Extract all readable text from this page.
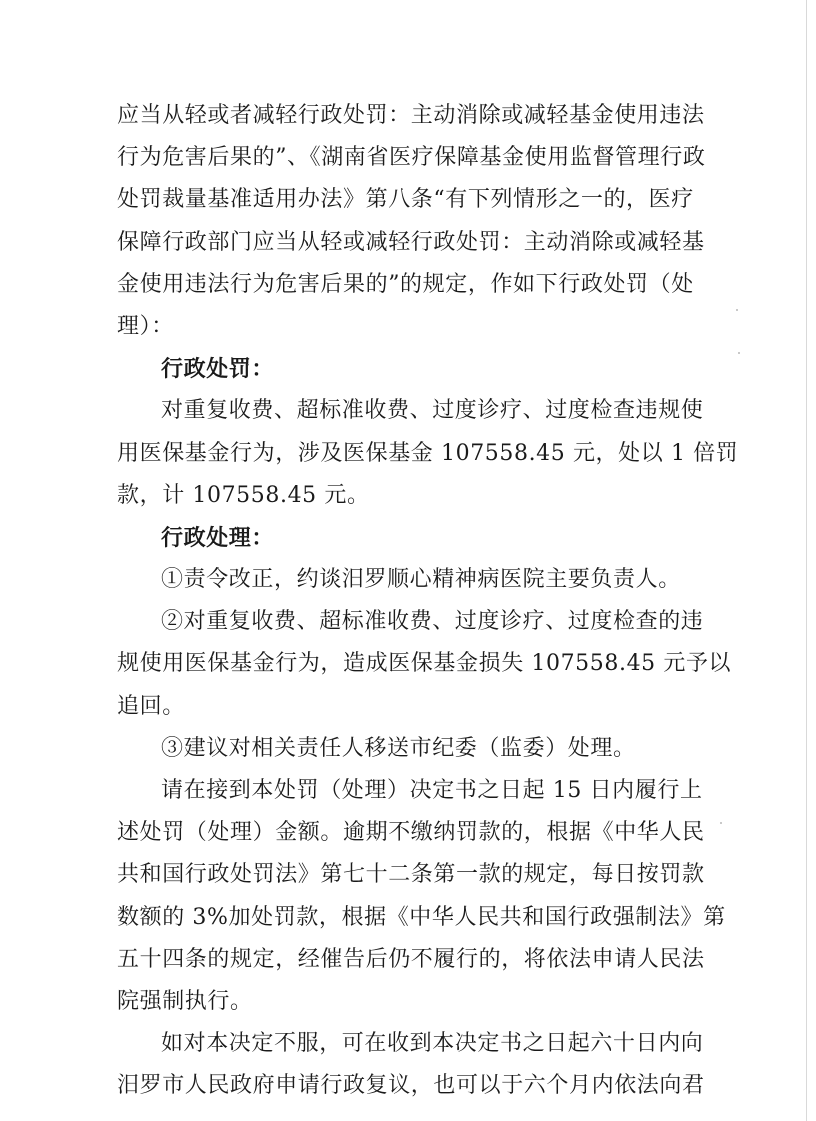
应当从轻或者减轻行政处罚：主动消除或减轻基金使用违法
行为危害后果的”、《湖南省医疗保障基金使用监督管理行政
处罚裁量基准适用办法》第八条“有下列情形之一的，医疗
保障行政部门应当从轻或减轻行政处罚：主动消除或减轻基
金使用违法行为危害后果的”的规定，作如下行政处罚（处
理）：
行政处罚：
对重复收费、超标准收费、过度诊疗、过度检查违规使
用医保基金行为，涉及医保基金 107558.45 元，处以 1 倍罚
款，计 107558.45 元。
行政处理：
①责令改正，约谈汨罗顺心精神病医院主要负责人。
②对重复收费、超标准收费、过度诊疗、过度检查的违
规使用医保基金行为，造成医保基金损失 107558.45 元予以
追回。
③建议对相关责任人移送市纪委（监委）处理。
请在接到本处罚（处理）决定书之日起 15 日内履行上
述处罚（处理）金额。逾期不缴纳罚款的，根据《中华人民
共和国行政处罚法》第七十二条第一款的规定，每日按罚款
数额的 3%加处罚款，根据《中华人民共和国行政强制法》第
五十四条的规定，经催告后仍不履行的，将依法申请人民法
院强制执行。
如对本决定不服，可在收到本决定书之日起六十日内向
汨罗市人民政府申请行政复议，也可以于六个月内依法向君
